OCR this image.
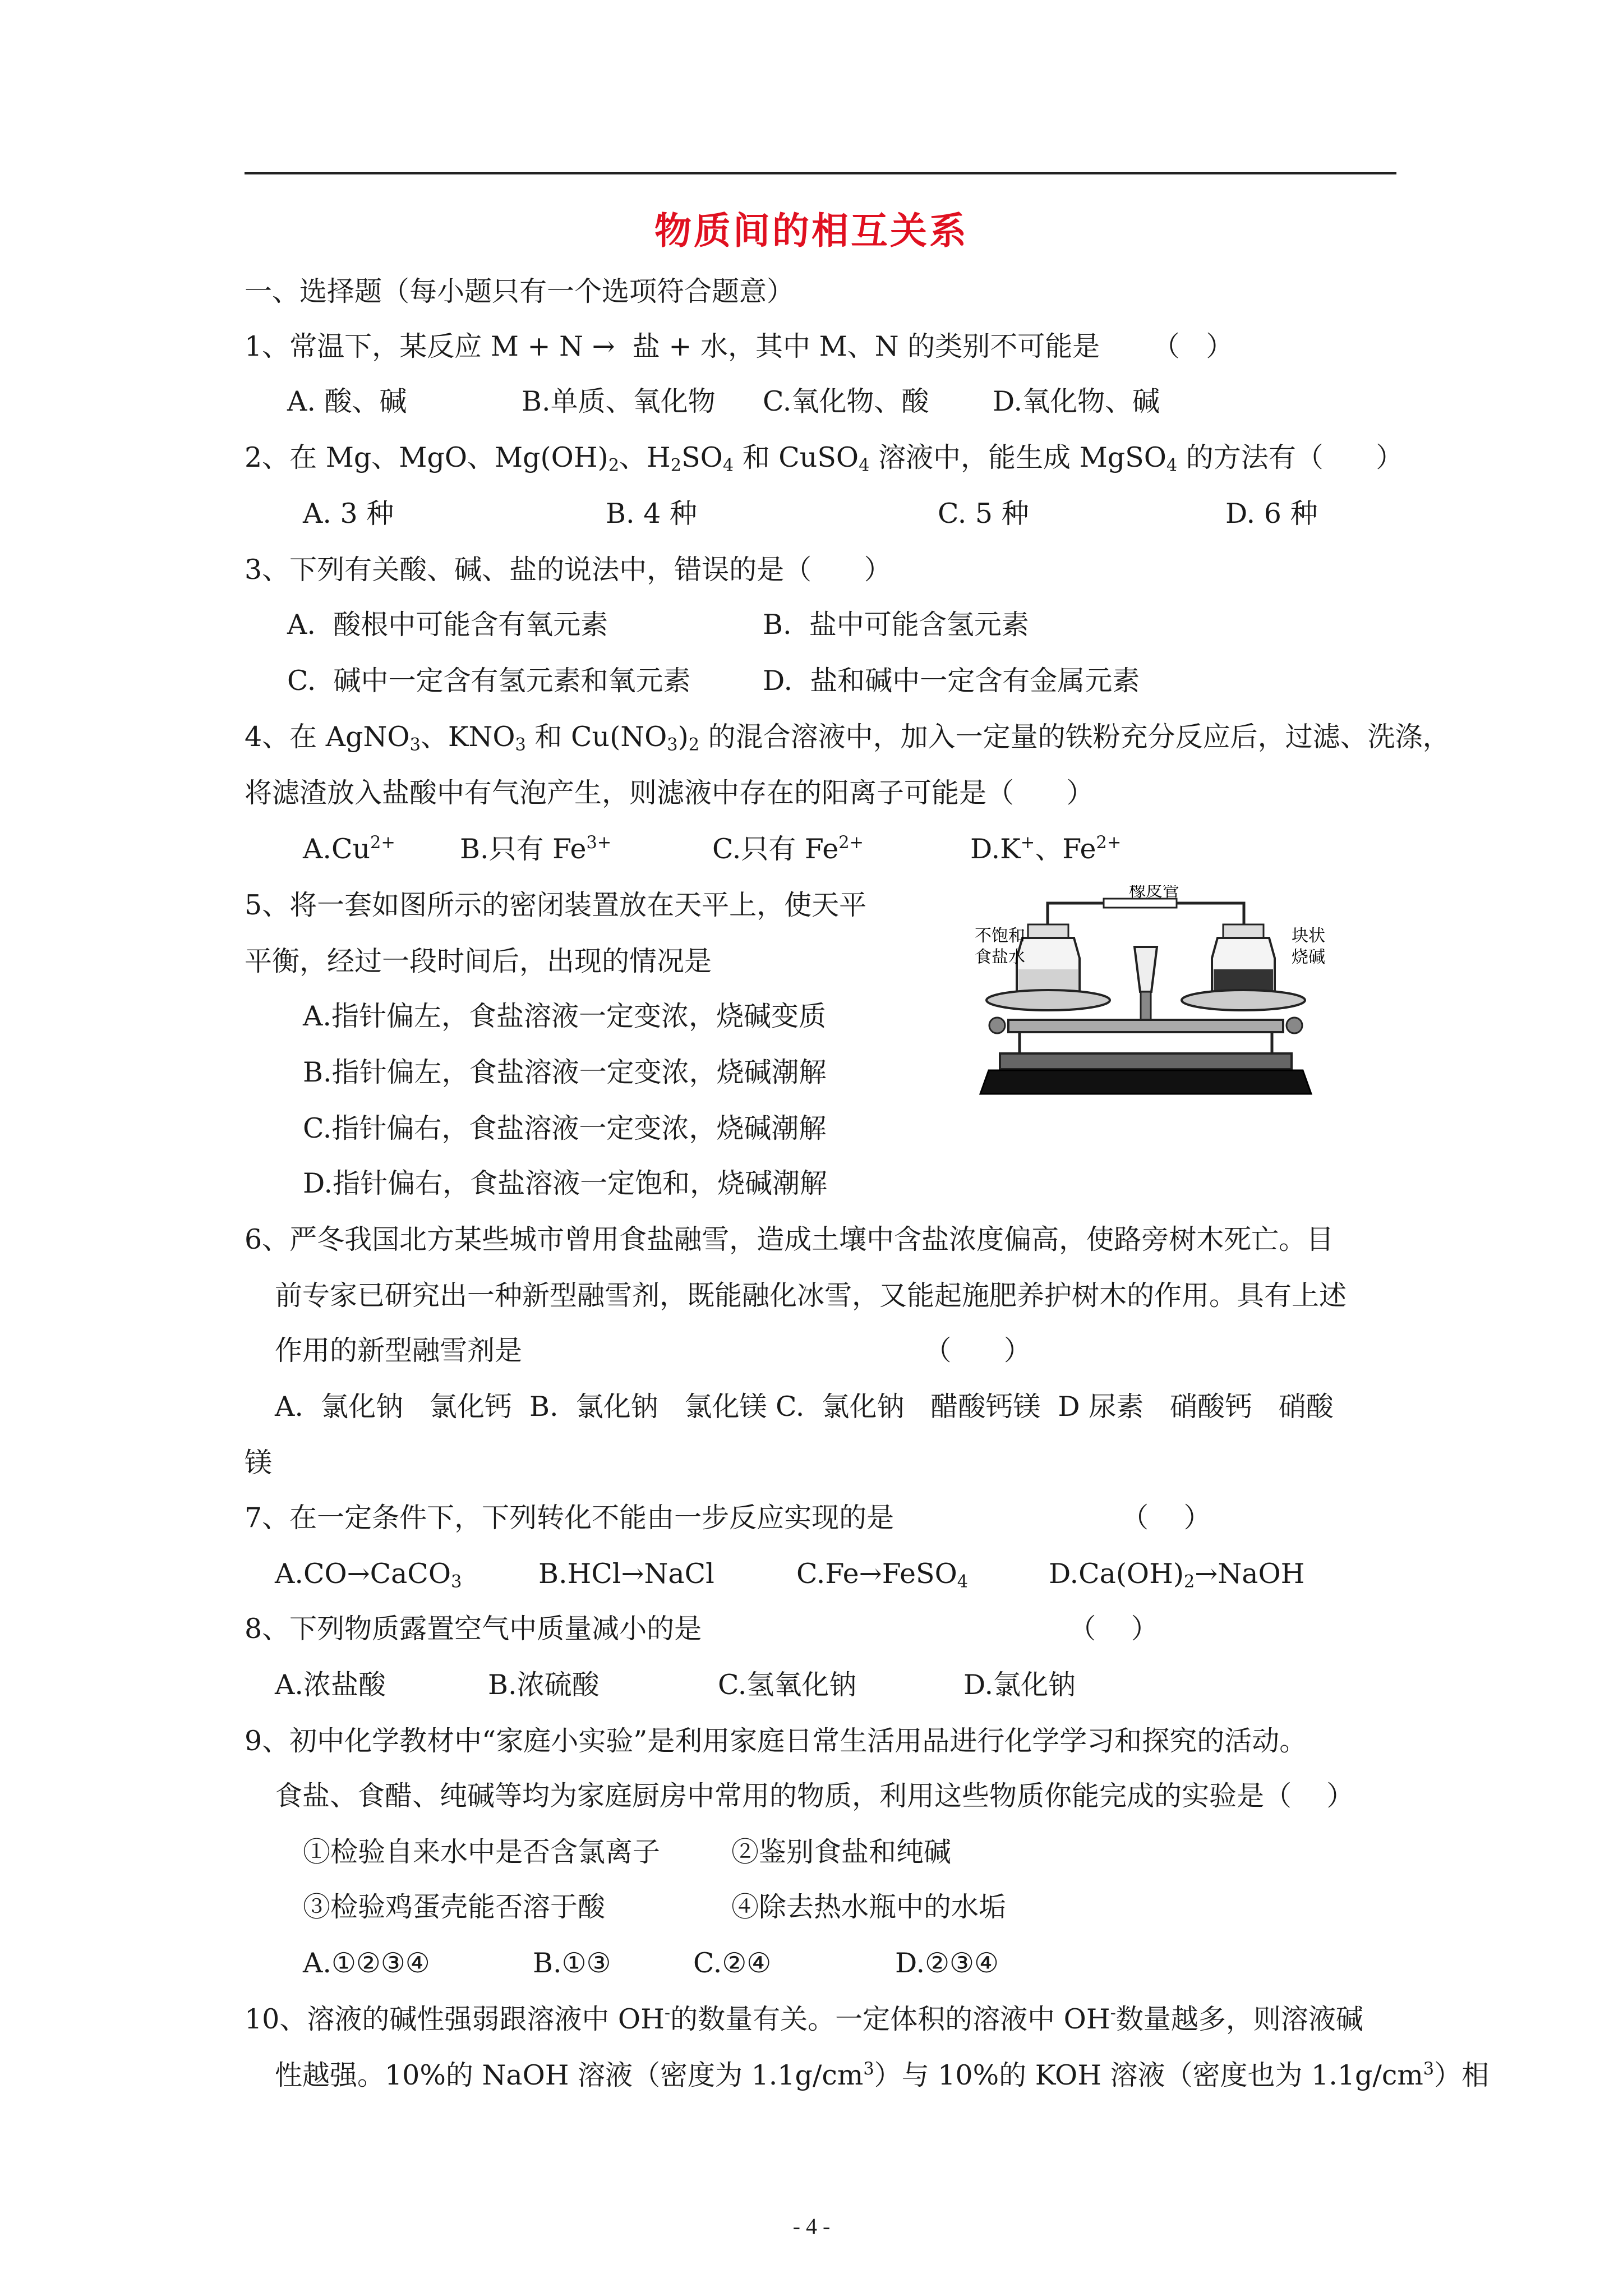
物质间的相互关系
一、选择题（每小题只有一个选项符合题意）
1、常温下，某反应 M + N →  盐 + 水，其中 M、N 的类别不可能是      （   ）
A. 酸、碱	B.单质、氧化物 C.氧化物、酸 D.氧化物、碱
2、在 Mg、MgO、$Mg(OH)_2$、$H_2SO_4$ 和 CuSO$_4$ 溶液中，能生成 MgSO$_4$ 的方法有（      ）
A. 3 种	B. 4 种	C. 5 种	D. 6 种
3、下列有关酸、碱、盐的说法中，错误的是（      ）
A.  酸根中可能含有氧元素	B.  盐中可能含氢元素
C.  碱中一定含有氢元素和氧元素	D.  盐和碱中一定含有金属元素
4、在 AgNO$_3$、$KNO_3$ 和 $Cu(NO_3)_2$ 的混合溶液中，加入一定量的铁粉充分反应后，过滤、洗涤，
将滤渣放入盐酸中有气泡产生，则滤液中存在的阳离子可能是（      ）
$A.Cu^{2+}$ B.只有 $Fe^{3+}$	C.只有 $Fe^{2+}$	D.K+、$Fe^{2+}$
5、将一套如图所示的密闭装置放在天平上，使天平
平衡，经过一段时间后，出现的情况是
A.指针偏左，食盐溶液一定变浓，烧碱变质
B.指针偏左，食盐溶液一定变浓，烧碱潮解
C.指针偏右，食盐溶液一定变浓，烧碱潮解
D.指针偏右，食盐溶液一定饱和，烧碱潮解
橡皮管
不饱和
食盐水
块状
烧碱
6、严冬我国北方某些城市曾用食盐融雪，造成土壤中含盐浓度偏高，使路旁树木死亡。目
前专家已研究出一种新型融雪剂，既能融化冰雪，又能起施肥养护树木的作用。具有上述
作用的新型融雪剂是                                              （      ）
A.  氯化钠   氯化钙  B.  氯化钠   氯化镁 C.  氯化钠   醋酸钙镁  D 尿素   硝酸钙   硝酸
镁
7、在一定条件下，下列转化不能由一步反应实现的是                          （    ）
A.CO→CaCO$_3$	B.HCl→NaCl	C.Fe→FeSO$_4$	$D.Ca(OH)_2\to NaOH$
8、下列物质露置空气中质量减小的是                                          （    ）
A.浓盐酸	B.浓硫酸	C.氢氧化钠	D.氯化钠
9、初中化学教材中“家庭小实验”是利用家庭日常生活用品进行化学学习和探究的活动。
食盐、食醋、纯碱等均为家庭厨房中常用的物质，利用这些物质你能完成的实验是（    ）
①检验自来水中是否含氯离子	②鉴别食盐和纯碱
③检验鸡蛋壳能否溶于酸	④除去热水瓶中的水垢
A.①②③④	B.①③	C.②④	D.②③④
10、溶液的碱性强弱跟溶液中 OH-的数量有关。一定体积的溶液中 OH-数量越多，则溶液碱
性越强。10%的 NaOH 溶液（密度为 $1.1g/cm^3$）与 10%的 KOH 溶液（密度也为 $1.1g/cm^3$）相
- 4 -
